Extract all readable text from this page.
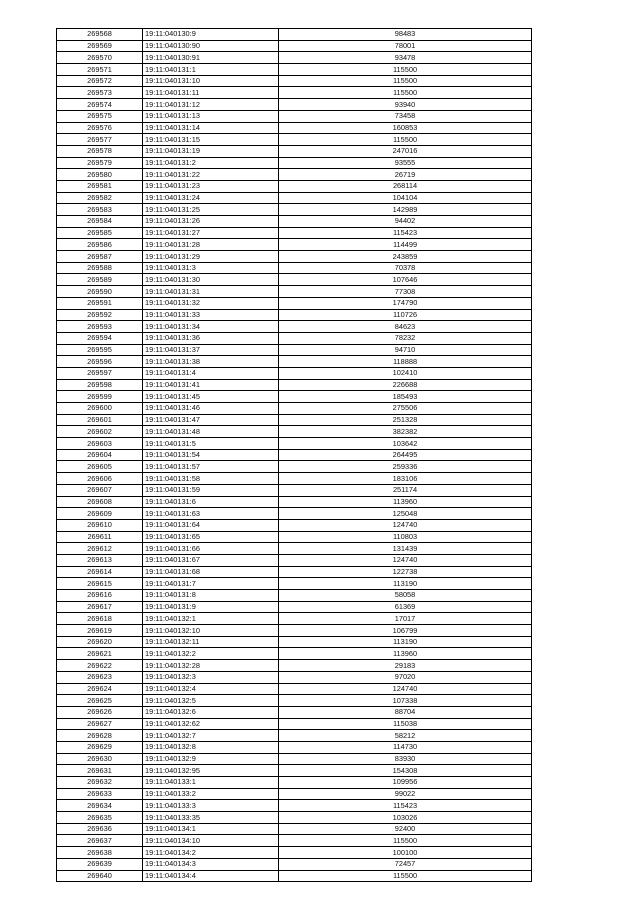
269568	19:11:040130:9	98483
269569	19:11:040130:90	78001
269570	19:11:040130:91	93478
269571	19:11:040131:1	115500
269572	19:11:040131:10	115500
269573	19:11:040131:11	115500
269574	19:11:040131:12	93940
269575	19:11:040131:13	73458
269576	19:11:040131:14	160853
269577	19:11:040131:15	115500
269578	19:11:040131:19	247016
269579	19:11:040131:2	93555
269580	19:11:040131:22	26719
269581	19:11:040131:23	268114
269582	19:11:040131:24	104104
269583	19:11:040131:25	142989
269584	19:11:040131:26	94402
269585	19:11:040131:27	115423
269586	19:11:040131:28	114499
269587	19:11:040131:29	243859
269588	19:11:040131:3	70378
269589	19:11:040131:30	107646
269590	19:11:040131:31	77308
269591	19:11:040131:32	174790
269592	19:11:040131:33	110726
269593	19:11:040131:34	84623
269594	19:11:040131:36	78232
269595	19:11:040131:37	94710
269596	19:11:040131:38	118888
269597	19:11:040131:4	102410
269598	19:11:040131:41	226688
269599	19:11:040131:45	185493
269600	19:11:040131:46	275506
269601	19:11:040131:47	251328
269602	19:11:040131:48	382382
269603	19:11:040131:5	103642
269604	19:11:040131:54	264495
269605	19:11:040131:57	259336
269606	19:11:040131:58	183106
269607	19:11:040131:59	251174
269608	19:11:040131:6	113960
269609	19:11:040131:63	125048
269610	19:11:040131:64	124740
269611	19:11:040131:65	110803
269612	19:11:040131:66	131439
269613	19:11:040131:67	124740
269614	19:11:040131:68	122738
269615	19:11:040131:7	113190
269616	19:11:040131:8	58058
269617	19:11:040131:9	61369
269618	19:11:040132:1	17017
269619	19:11:040132:10	106799
269620	19:11:040132:11	113190
269621	19:11:040132:2	113960
269622	19:11:040132:28	29183
269623	19:11:040132:3	97020
269624	19:11:040132:4	124740
269625	19:11:040132:5	107338
269626	19:11:040132:6	88704
269627	19:11:040132:62	115038
269628	19:11:040132:7	58212
269629	19:11:040132:8	114730
269630	19:11:040132:9	83930
269631	19:11:040132:95	154308
269632	19:11:040133:1	109956
269633	19:11:040133:2	99022
269634	19:11:040133:3	115423
269635	19:11:040133:35	103026
269636	19:11:040134:1	92400
269637	19:11:040134:10	115500
269638	19:11:040134:2	100100
269639	19:11:040134:3	72457
269640	19:11:040134:4	115500
